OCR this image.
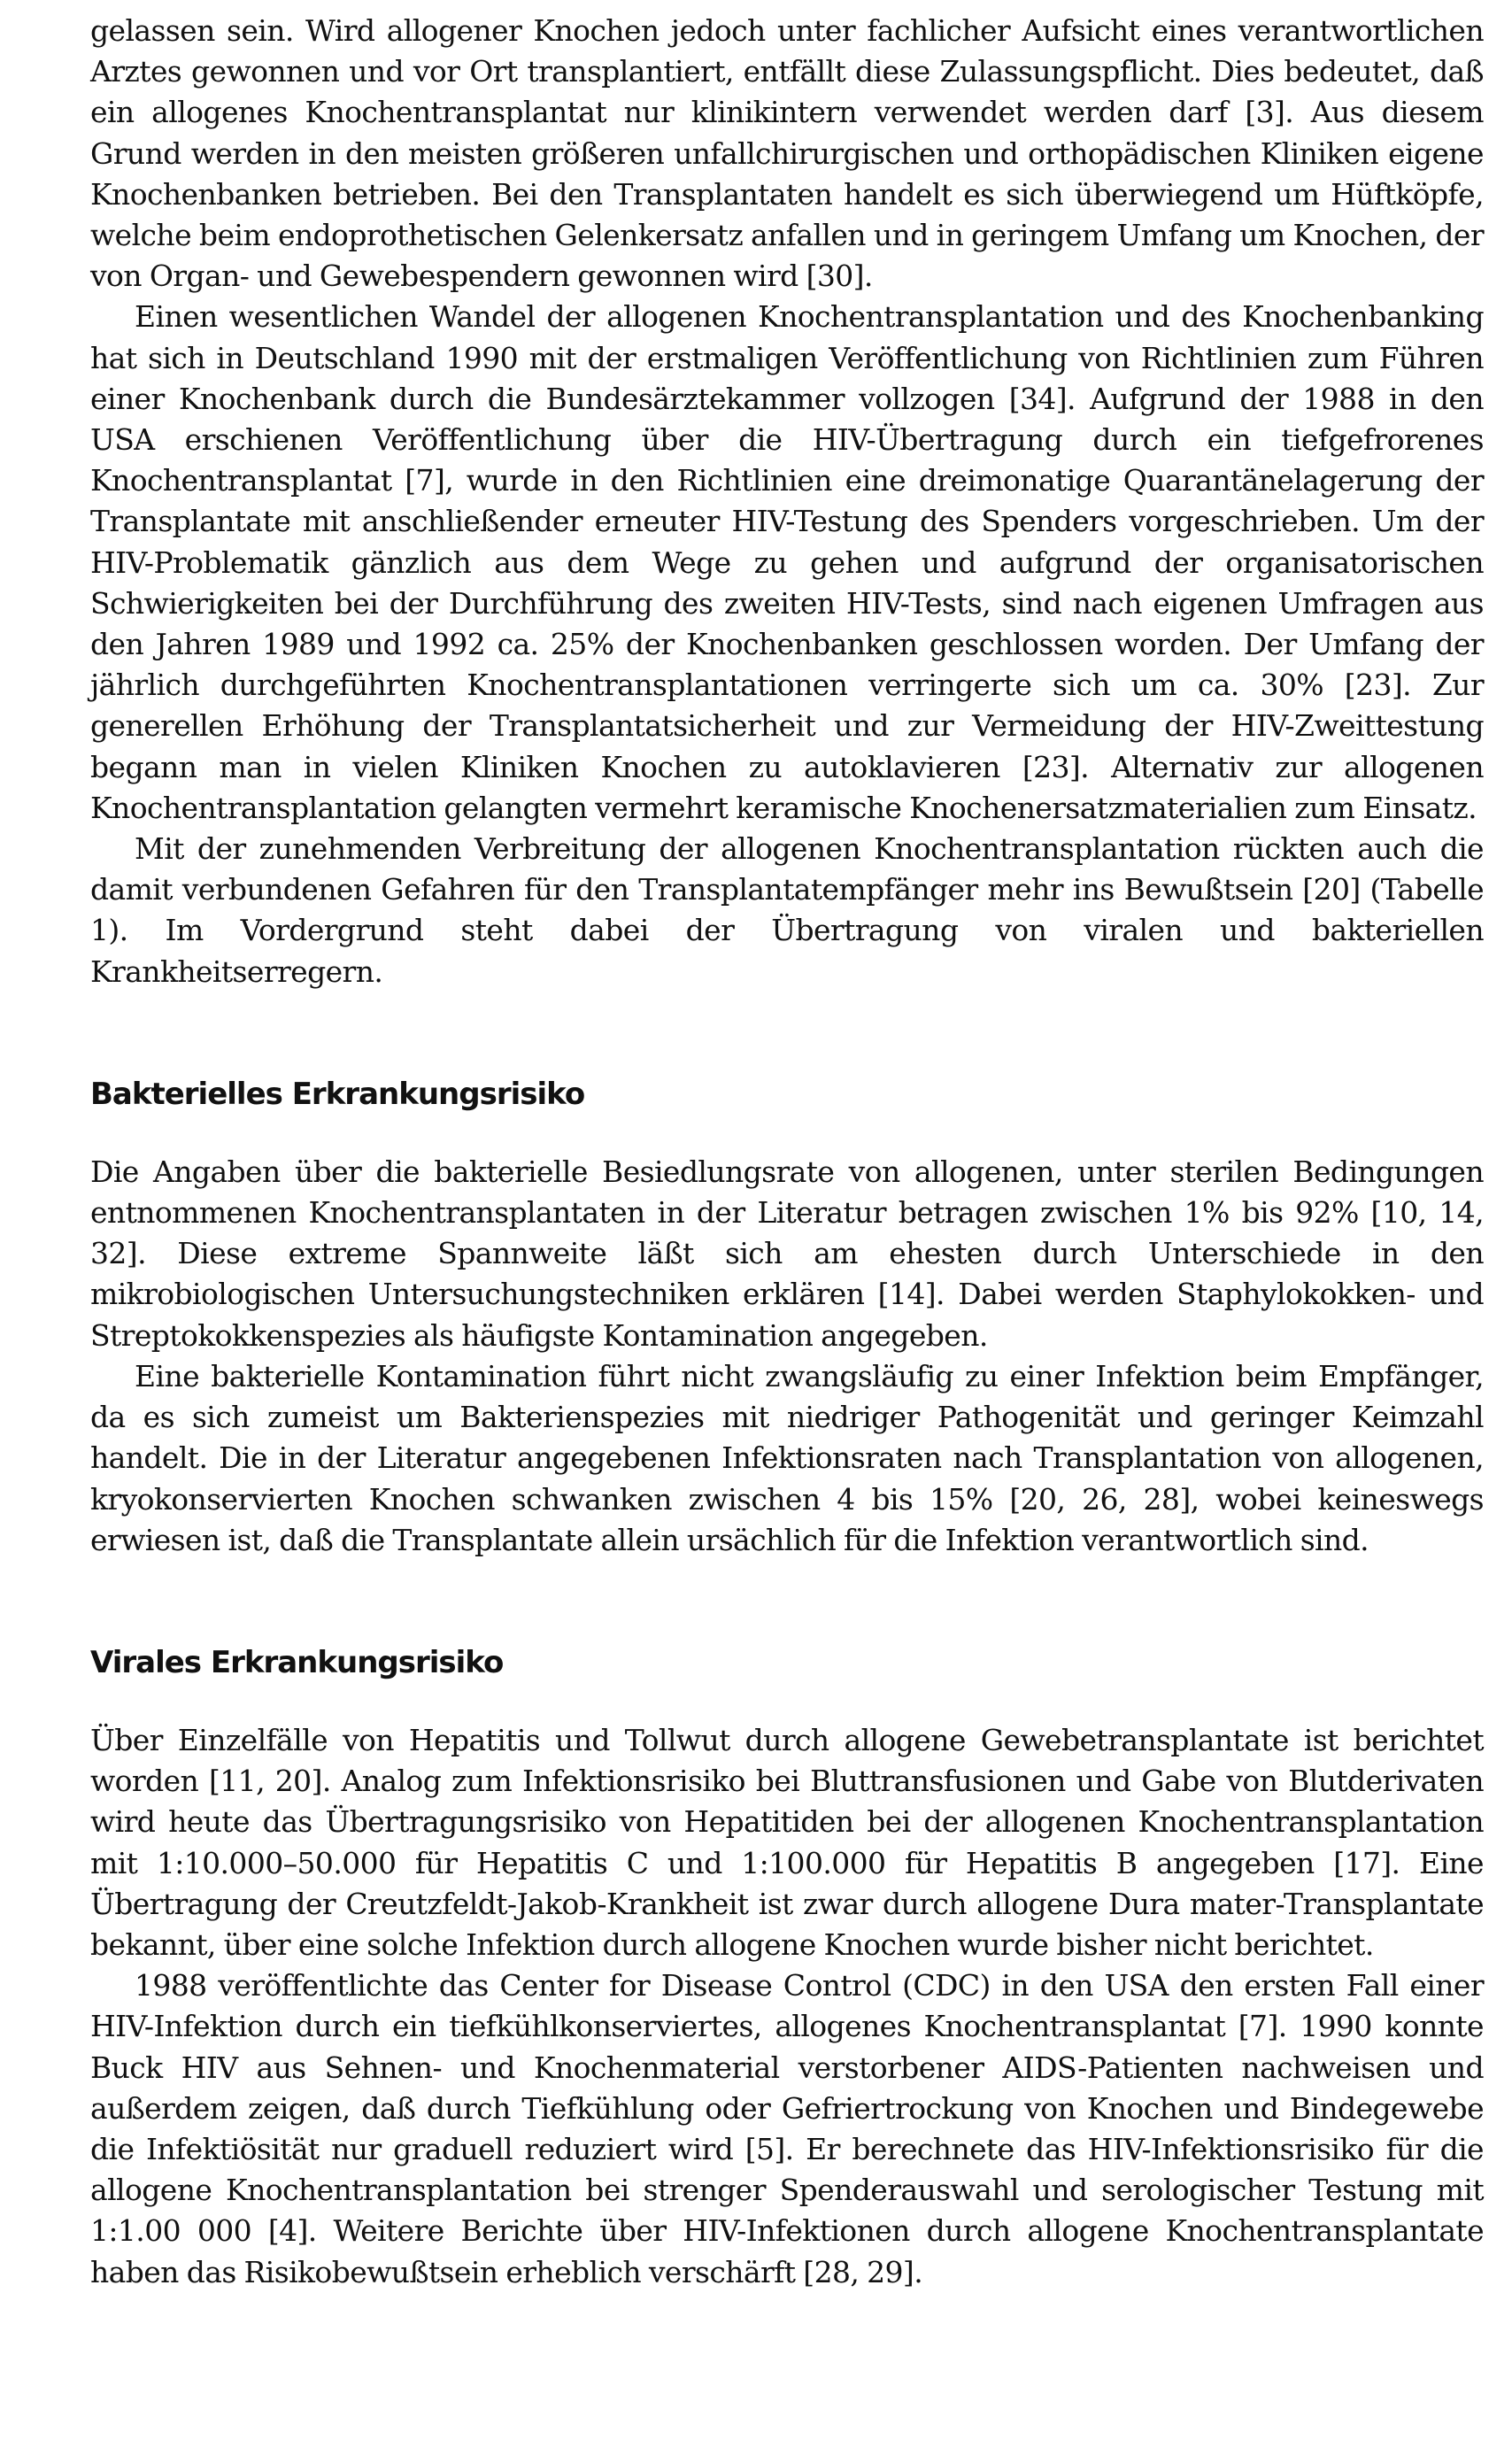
gelassen sein. Wird allogener Knochen jedoch unter fachlicher Aufsicht eines verantwortlichen Arztes gewonnen und vor Ort transplantiert, entfällt diese Zulassungspflicht. Dies bedeutet, daß ein allogenes Knochentransplantat nur klinikintern verwendet werden darf [3]. Aus diesem Grund werden in den meisten größeren unfallchirurgischen und orthopädischen Kliniken eigene Knochenbanken betrieben. Bei den Transplantaten handelt es sich überwiegend um Hüftköpfe, welche beim endoprothetischen Gelenkersatz anfallen und in geringem Umfang um Knochen, der von Organ- und Gewebespendern gewonnen wird [30].

Einen wesentlichen Wandel der allogenen Knochentransplantation und des Knochenbanking hat sich in Deutschland 1990 mit der erstmaligen Veröffentlichung von Richtlinien zum Führen einer Knochenbank durch die Bundesärztekammer vollzogen [34]. Aufgrund der 1988 in den USA erschienen Veröffentlichung über die HIV-Übertragung durch ein tiefgefrorenes Knochentransplantat [7], wurde in den Richtlinien eine dreimonatige Quarantänelagerung der Transplantate mit anschließender erneuter HIV-Testung des Spenders vorgeschrieben. Um der HIV-Problematik gänzlich aus dem Wege zu gehen und aufgrund der organisatorischen Schwierigkeiten bei der Durchführung des zweiten HIV-Tests, sind nach eigenen Umfragen aus den Jahren 1989 und 1992 ca. 25% der Knochenbanken geschlossen worden. Der Umfang der jährlich durchgeführten Knochentransplantationen verringerte sich um ca. 30% [23]. Zur generellen Erhöhung der Transplantatsicherheit und zur Vermeidung der HIV-Zweittestung begann man in vielen Kliniken Knochen zu autoklavieren [23]. Alternativ zur allogenen Knochentransplantation gelangten vermehrt keramische Knochenersatzmaterialien zum Einsatz.

Mit der zunehmenden Verbreitung der allogenen Knochentransplantation rückten auch die damit verbundenen Gefahren für den Transplantatempfänger mehr ins Bewußtsein [20] (Tabelle 1). Im Vordergrund steht dabei der Übertragung von viralen und bakteriellen Krankheitserregern.

Bakterielles Erkrankungsrisiko

Die Angaben über die bakterielle Besiedlungsrate von allogenen, unter sterilen Bedingungen entnommenen Knochentransplantaten in der Literatur betragen zwischen 1% bis 92% [10, 14, 32]. Diese extreme Spannweite läßt sich am ehesten durch Unterschiede in den mikrobiologischen Untersuchungstechniken erklären [14]. Dabei werden Staphylokokken- und Streptokokkenspezies als häufigste Kontamination angegeben.

Eine bakterielle Kontamination führt nicht zwangsläufig zu einer Infektion beim Empfänger, da es sich zumeist um Bakterienspezies mit niedriger Pathogenität und geringer Keimzahl handelt. Die in der Literatur angegebenen Infektionsraten nach Transplantation von allogenen, kryokonservierten Knochen schwanken zwischen 4 bis 15% [20, 26, 28], wobei keineswegs erwiesen ist, daß die Transplantate allein ursächlich für die Infektion verantwortlich sind.

Virales Erkrankungsrisiko

Über Einzelfälle von Hepatitis und Tollwut durch allogene Gewebetransplantate ist berichtet worden [11, 20]. Analog zum Infektionsrisiko bei Bluttransfusionen und Gabe von Blutderivaten wird heute das Übertragungsrisiko von Hepatitiden bei der allogenen Knochentransplantation mit 1:10.000–50.000 für Hepatitis C und 1:100.000 für Hepatitis B angegeben [17]. Eine Übertragung der Creutzfeldt-Jakob-Krankheit ist zwar durch allogene Dura mater-Transplantate bekannt, über eine solche Infektion durch allogene Knochen wurde bisher nicht berichtet.

1988 veröffentlichte das Center for Disease Control (CDC) in den USA den ersten Fall einer HIV-Infektion durch ein tiefkühlkonserviertes, allogenes Knochentransplantat [7]. 1990 konnte Buck HIV aus Sehnen- und Knochenmaterial verstorbener AIDS-Patienten nachweisen und außerdem zeigen, daß durch Tiefkühlung oder Gefriertrockung von Knochen und Bindegewebe die Infektiösität nur graduell reduziert wird [5]. Er berechnete das HIV-Infektionsrisiko für die allogene Knochentransplantation bei strenger Spenderauswahl und serologischer Testung mit 1:1.00 000 [4]. Weitere Berichte über HIV-Infektionen durch allogene Knochentransplantate haben das Risikobewußtsein erheblich verschärft [28, 29].
